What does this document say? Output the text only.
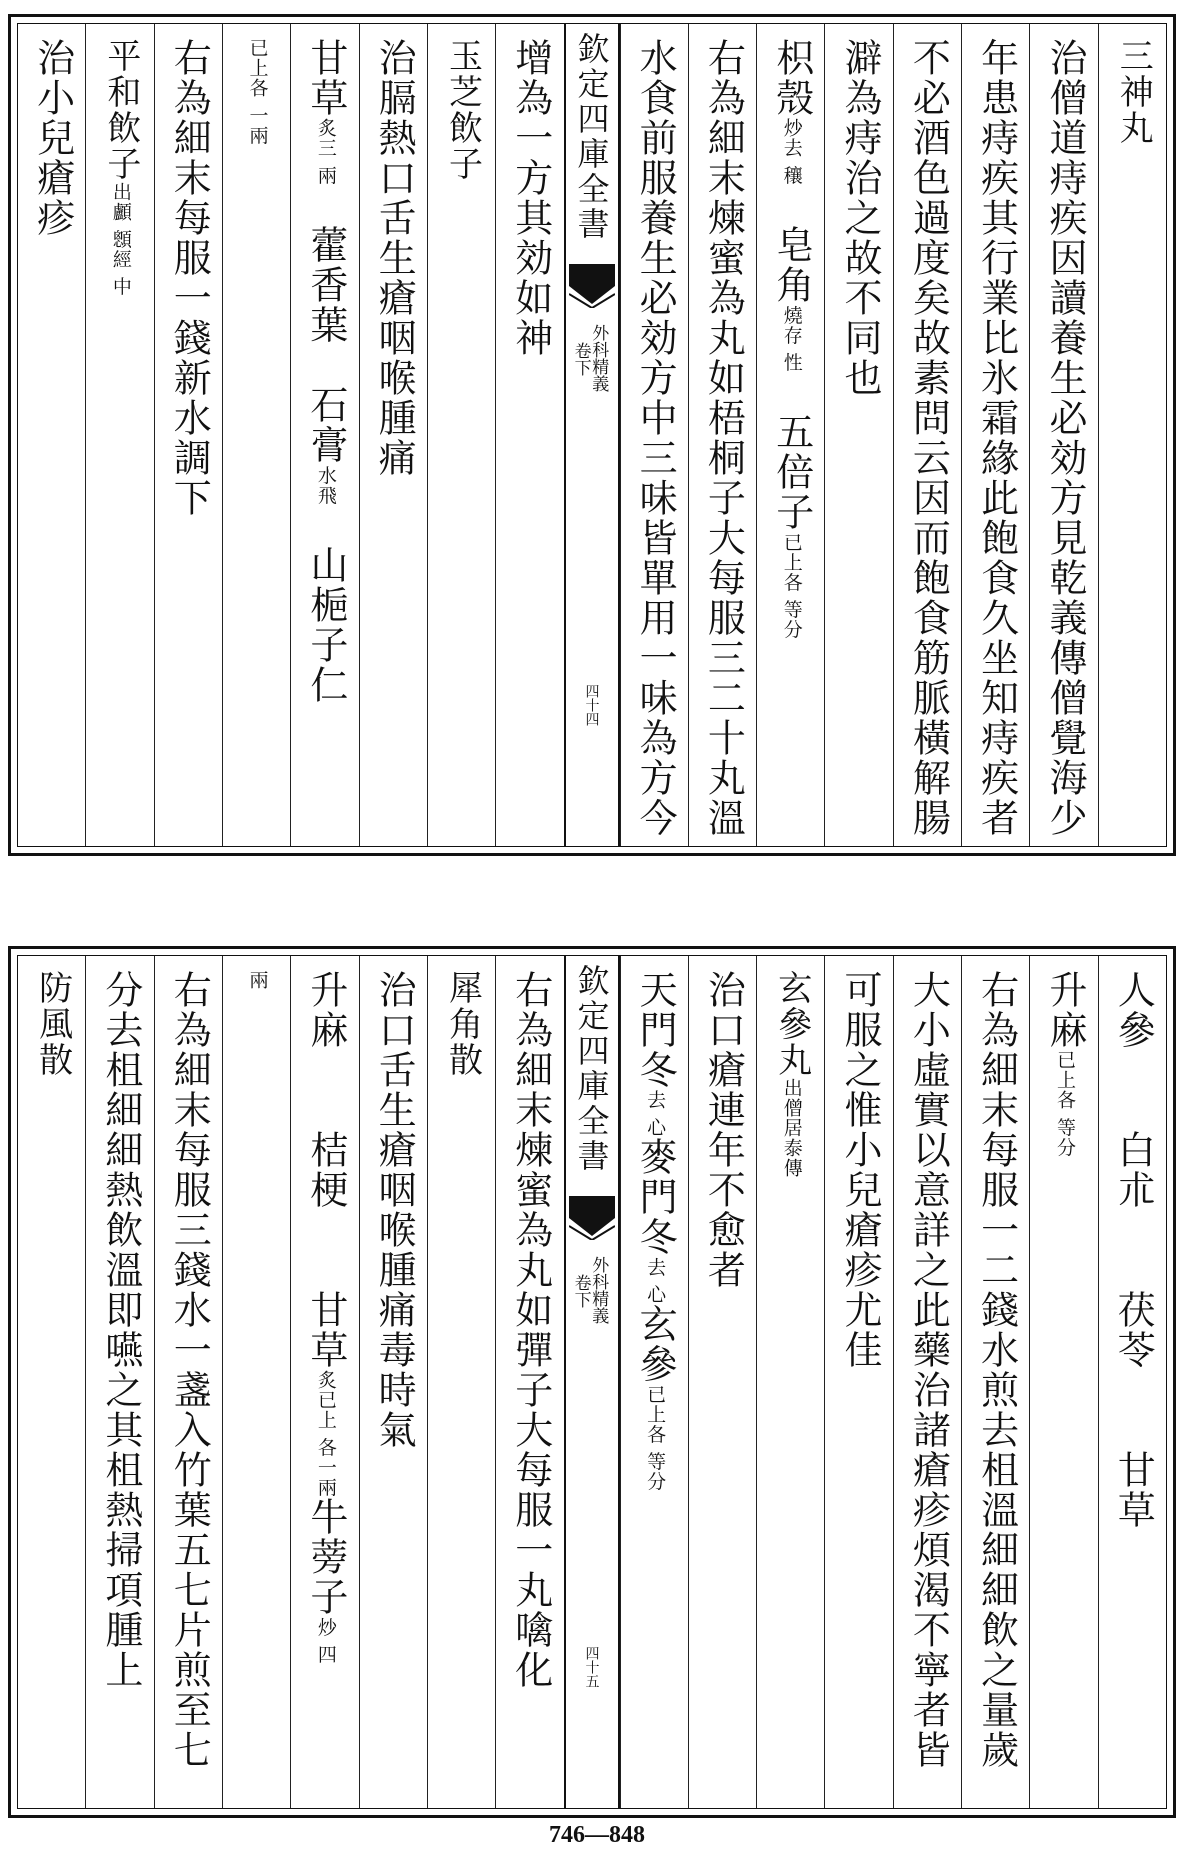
三神丸
治僧道痔疾因讀養生必効方見乾義傳僧覺海少
年患痔疾其行業比氷霜緣此飽食久坐知痔疾者
不必酒色過度矣故素問云因而飽食筋脈橫解腸
澼為痔治之故不同也
枳殼炒去 穰　皂角燒存 性　五倍子已上各 等分
右為細末煉蜜為丸如梧桐子大每服三二十丸溫
水食前服養生必効方中三味皆單用一味為方今
欽定四庫全書
外科精義
卷下
四十四
增為一方其効如神
玉芝飲子
治膈熱口舌生瘡咽喉腫痛
甘草炙三 兩　藿香葉　石膏水飛　山梔子仁
已上各 一兩
右為細末每服一錢新水調下
平和飲子出顱 顖經 中
治小兒瘡疹
人參　　白朮　　茯苓　　甘草
升麻已上各 等分
右為細末每服一二錢水煎去柤溫細細飲之量歲
大小虛實以意詳之此藥治諸瘡疹煩渴不寧者皆
可服之惟小兒瘡疹尤佳
玄參丸出僧居泰傳
治口瘡連年不愈者
天門冬去 心麥門冬去 心玄參已上各 等分
欽定四庫全書
外科精義
卷下
四十五
右為細末煉蜜為丸如彈子大每服一丸噙化
犀角散
治口舌生瘡咽喉腫痛毒時氣
升麻　　桔梗　　甘草炙已上 各一兩牛蒡子炒 四
兩
右為細末每服三錢水一盞入竹葉五七片煎至七
分去柤細細熱飲溫即嚥之其柤熱掃項腫上
防風散
746—848
